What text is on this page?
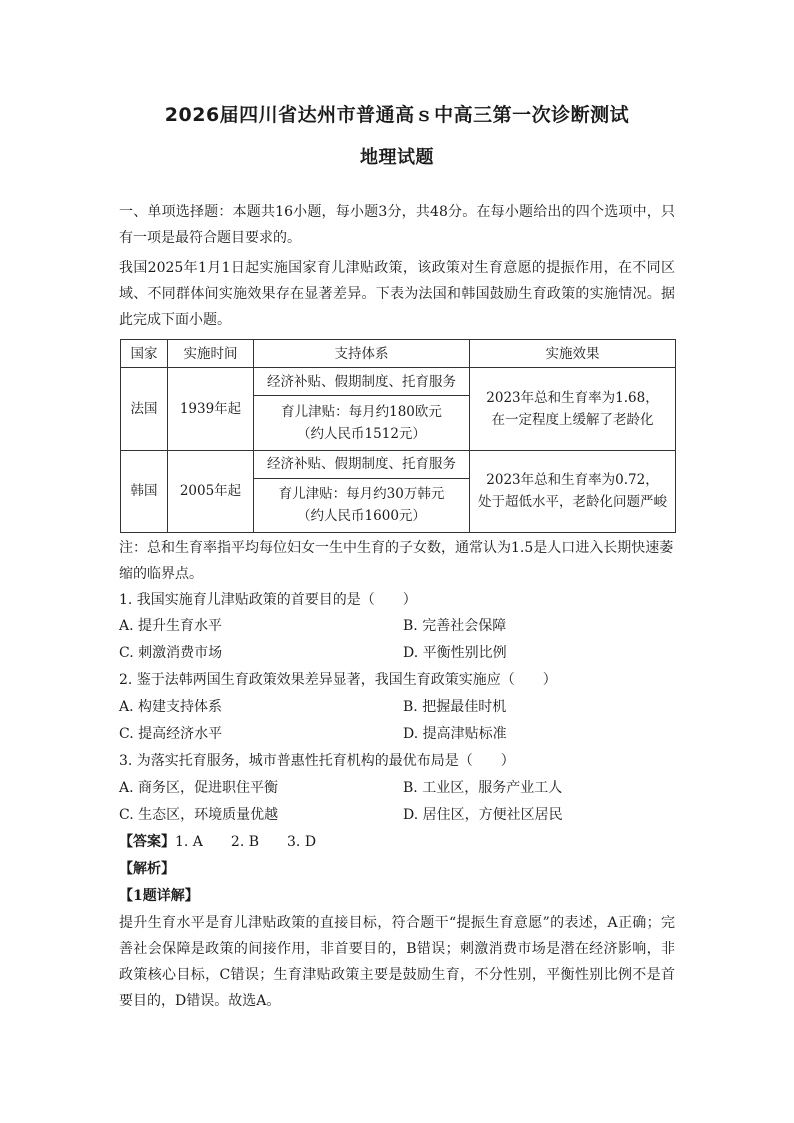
2026届四川省达州市普通高ｓ中高三第一次诊断测试
地理试题
一、单项选择题：本题共16小题，每小题3分，共48分。在每小题给出的四个选项中，只有一项是最符合题目要求的。
我国2025年1月1日起实施国家育儿津贴政策，该政策对生育意愿的提振作用，在不同区域、不同群体间实施效果存在显著差异。下表为法国和韩国鼓励生育政策的实施情况。据此完成下面小题。
国家	实施时间	支持体系	实施效果
法国	1939年起	经济补贴、假期制度、托育服务	2023年总和生育率为1.68，
在一定程度上缓解了老龄化

		育儿津贴：每月约180欧元
（约人民币1512元）	

韩国	2005年起	经济补贴、假期制度、托育服务	2023年总和生育率为0.72，
处于超低水平，老龄化问题严峻

		育儿津贴：每月约30万韩元
（约人民币1600元）	
注：总和生育率指平均每位妇女一生中生育的子女数，通常认为1.5是人口进入长期快速萎缩的临界点。
1. 我国实施育儿津贴政策的首要目的是（　　）
A. 提升生育水平	B. 完善社会保障
C. 刺激消费市场	D. 平衡性别比例
2. 鉴于法韩两国生育政策效果差异显著，我国生育政策实施应（　　）
A. 构建支持体系	B. 把握最佳时机
C. 提高经济水平	D. 提高津贴标准
3. 为落实托育服务，城市普惠性托育机构的最优布局是（　　）
A. 商务区，促进职住平衡	B. 工业区，服务产业工人
C. 生态区，环境质量优越	D. 居住区，方便社区居民
【答案】1. A　　2. B　　3. D
【解析】
【1题详解】
提升生育水平是育儿津贴政策的直接目标，符合题干“提振生育意愿”的表述，A正确；完善社会保障是政策的间接作用，非首要目的，B错误；刺激消费市场是潜在经济影响，非政策核心目标，C错误；生育津贴政策主要是鼓励生育，不分性别，平衡性别比例不是首要目的，D错误。故选A。
